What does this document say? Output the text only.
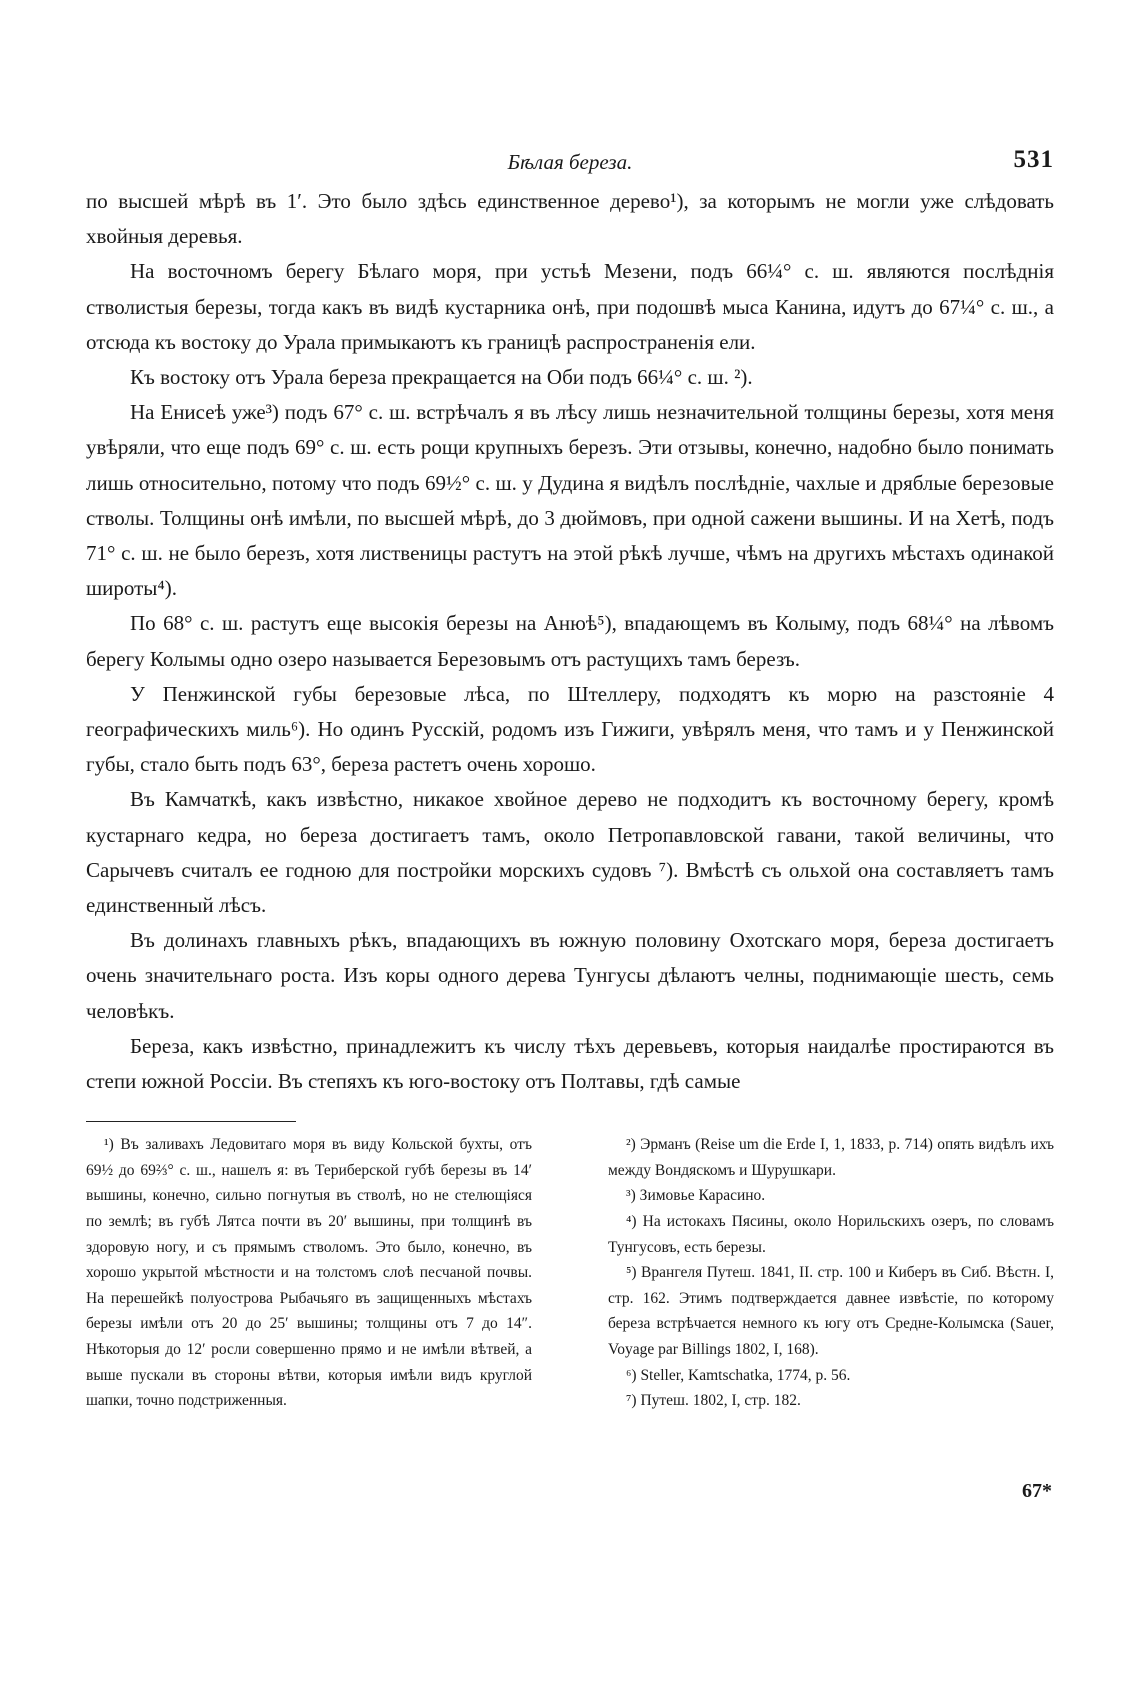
Бѣлая береза.	531

по высшей мѣрѣ въ 1′. Это было здѣсь единственное дерево¹), за которымъ не могли уже слѣдовать хвойныя деревья.

На восточномъ берегу Бѣлаго моря, при устьѣ Мезени, подъ 66¼° с. ш. являются послѣднія стволистыя березы, тогда какъ въ видѣ кустарника онѣ, при подошвѣ мыса Канина, идутъ до 67¼° с. ш., а отсюда къ востоку до Урала примыкаютъ къ границѣ распространенія ели.

Къ востоку отъ Урала береза прекращается на Оби подъ 66¼° с. ш. ²).

На Енисеѣ уже³) подъ 67° с. ш. встрѣчалъ я въ лѣсу лишь незначительной толщины березы, хотя меня увѣряли, что еще подъ 69° с. ш. есть рощи крупныхъ березъ. Эти отзывы, конечно, надобно было понимать лишь относительно, потому что подъ 69½° с. ш. у Дудина я видѣлъ послѣдніе, чахлые и дряблые березовые стволы. Толщины онѣ имѣли, по высшей мѣрѣ, до 3 дюймовъ, при одной сажени вышины. И на Хетѣ, подъ 71° с. ш. не было березъ, хотя лиственицы растутъ на этой рѣкѣ лучше, чѣмъ на другихъ мѣстахъ одинакой широты⁴).

По 68° с. ш. растутъ еще высокія березы на Анюѣ⁵), впадающемъ въ Колыму, подъ 68¼° на лѣвомъ берегу Колымы одно озеро называется Березовымъ отъ растущихъ тамъ березъ.

У Пенжинской губы березовые лѣса, по Штеллеру, подходятъ къ морю на разстояніе 4 географическихъ миль⁶). Но одинъ Русскій, родомъ изъ Гижиги, увѣрялъ меня, что тамъ и у Пенжинской губы, стало быть подъ 63°, береза растетъ очень хорошо.

Въ Камчаткѣ, какъ извѣстно, никакое хвойное дерево не подходитъ къ восточному берегу, кромѣ кустарнаго кедра, но береза достигаетъ тамъ, около Петропавловской гавани, такой величины, что Сарычевъ считалъ ее годною для постройки морскихъ судовъ ⁷). Вмѣстѣ съ ольхой она составляетъ тамъ единственный лѣсъ.

Въ долинахъ главныхъ рѣкъ, впадающихъ въ южную половину Охотскаго моря, береза достигаетъ очень значительнаго роста. Изъ коры одного дерева Тунгусы дѣлаютъ челны, поднимающіе шесть, семь человѣкъ.

Береза, какъ извѣстно, принадлежитъ къ числу тѣхъ деревьевъ, которыя наидалѣе простираются въ степи южной Россіи. Въ степяхъ къ юго-востоку отъ Полтавы, гдѣ самые

¹) Въ заливахъ Ледовитаго моря въ виду Кольской бухты, отъ 69½ до 69⅔° с. ш., нашелъ я: въ Териберской губѣ березы въ 14′ вышины, конечно, сильно погнутыя въ стволѣ, но не стелющіяся по землѣ; въ губѣ Лятса почти въ 20′ вышины, при толщинѣ въ здоровую ногу, и съ прямымъ стволомъ. Это было, конечно, въ хорошо укрытой мѣстности и на толстомъ слоѣ песчаной почвы. На перешейкѣ полуострова Рыбачьяго въ защищенныхъ мѣстахъ березы имѣли отъ 20 до 25′ вышины; толщины отъ 7 до 14″. Нѣкоторыя до 12′ росли совершенно прямо и не имѣли вѣтвей, а выше пускали въ стороны вѣтви, которыя имѣли видъ круглой шапки, точно подстриженныя.

²) Эрманъ (Reise um die Erde I, 1, 1833, p. 714) опять видѣлъ ихъ между Вондяскомъ и Шурушкари.

³) Зимовье Карасино.

⁴) На истокахъ Пясины, около Норильскихъ озеръ, по словамъ Тунгусовъ, есть березы.

⁵) Врангеля Путеш. 1841, II. стр. 100 и Киберъ въ Сиб. Вѣстн. I, стр. 162. Этимъ подтверждается давнее извѣстіе, по которому береза встрѣчается немного къ югу отъ Средне-Колымска (Sauer, Voyage par Billings 1802, I, 168).

⁶) Steller, Kamtschatka, 1774, p. 56.

⁷) Путеш. 1802, I, стр. 182.

67*
